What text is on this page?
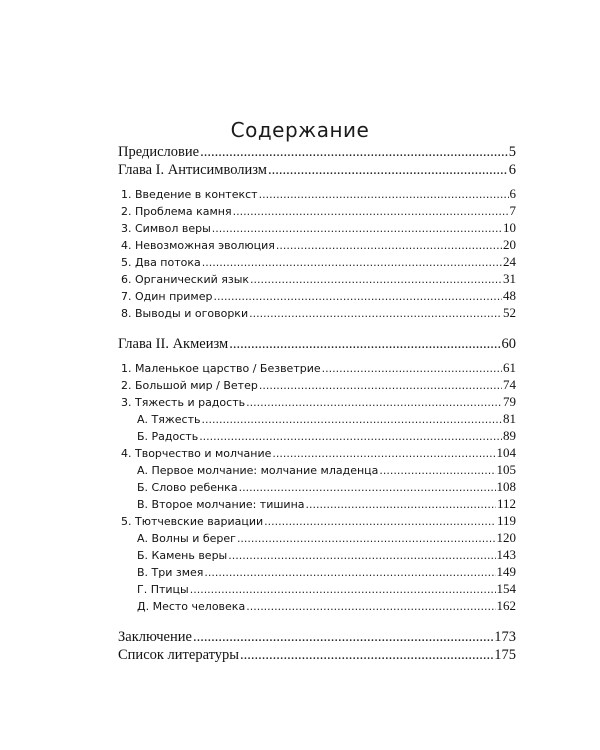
Содержание
Предисловие .....	5
Глава I. Антисимволизм .....	6
1. Введение в контекст .....	6
2. Проблема камня .....	7
3. Символ веры .....	10
4. Невозможная эволюция .....	20
5. Два потока .....	24
6. Органический язык .....	31
7. Один пример .....	48
8. Выводы и оговорки .....	52
Глава II. Акмеизм .....	60
1. Маленькое царство / Безветрие .....	61
2. Большой мир / Ветер .....	74
3. Тяжесть и радость .....	79
А. Тяжесть .....	81
Б. Радость .....	89
4. Творчество и молчание .....	104
А. Первое молчание: молчание младенца .....	105
Б. Слово ребенка .....	108
В. Второе молчание: тишина .....	112
5. Тютчевские вариации .....	119
А. Волны и берег .....	120
Б. Камень веры .....	143
В. Три змея .....	149
Г. Птицы .....	154
Д. Место человека .....	162
Заключение .....	173
Список литературы .....	175
